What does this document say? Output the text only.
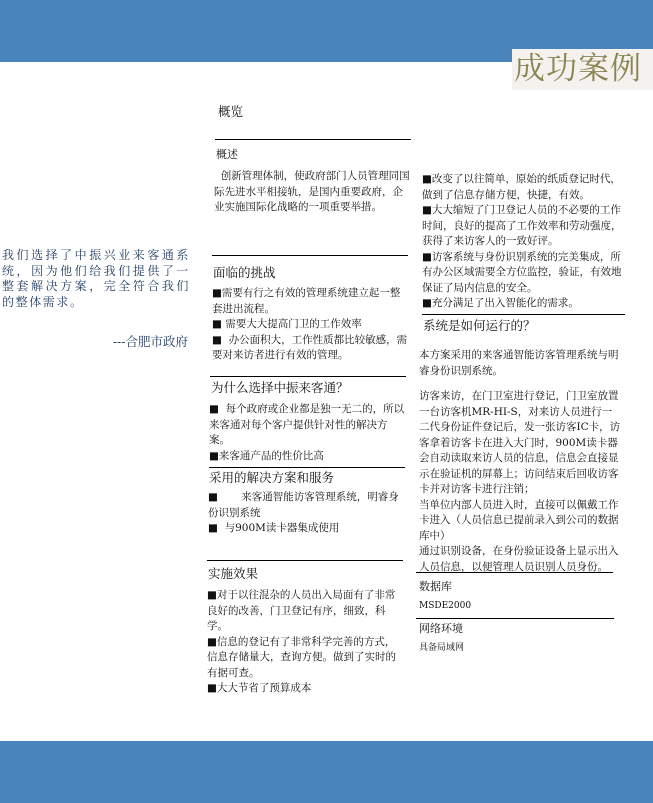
成功案例
我们选择了中振兴业来客通系统，因为他们给我们提供了一整套解决方案，完全符合我们的整体需求。
---合肥市政府
概览
概述
创新管理体制，使政府部门人员管理同国际先进水平相接轨，是国内重要政府，企业实施国际化战略的一项重要举措。
面临的挑战
■需要有行之有效的管理系统建立起一整套进出流程。
■ 需要大大提高门卫的工作效率
■  办公面积大，工作性质都比较敏感，需要对来访者进行有效的管理。
为什么选择中振来客通？
■  每个政府或企业都是独一无二的，所以来客通对每个客户提供针对性的解决方案。
■来客通产品的性价比高
采用的解决方案和服务
■       来客通智能访客管理系统，明睿身份识别系统
■  与900M读卡器集成使用
实施效果
■对于以往混杂的人员出入局面有了非常良好的改善，门卫登记有序，细致，科学。
■信息的登记有了非常科学完善的方式，信息存储量大，查询方便。做到了实时的有据可查。
■大大节省了预算成本
■改变了以往简单，原始的纸质登记时代，做到了信息存储方便，快捷，有效。
■大大缩短了门卫登记人员的不必要的工作时间，良好的提高了工作效率和劳动强度，获得了来访客人的一致好评。
■访客系统与身份识别系统的完美集成，所有办公区域需要全方位监控，验证，有效地保证了局内信息的安全。
■充分满足了出入智能化的需求。
系统是如何运行的？
本方案采用的来客通智能访客管理系统与明睿身份识别系统。
访客来访，在门卫室进行登记，门卫室放置一台访客机MR-HI-S，对来访人员进行一二代身份证件登记后，发一张访客IC卡，访客拿着访客卡在进入大门时，900M读卡器会自动读取来访人员的信息，信息会直接显示在验证机的屏幕上；访问结束后回收访客卡并对访客卡进行注销；
当单位内部人员进入时，直接可以佩戴工作卡进入（人员信息已提前录入到公司的数据库中）
通过识别设备，在身份验证设备上显示出入人员信息，以便管理人员识别人员身份。
数据库
MSDE2000
网络环境
具备局域网
